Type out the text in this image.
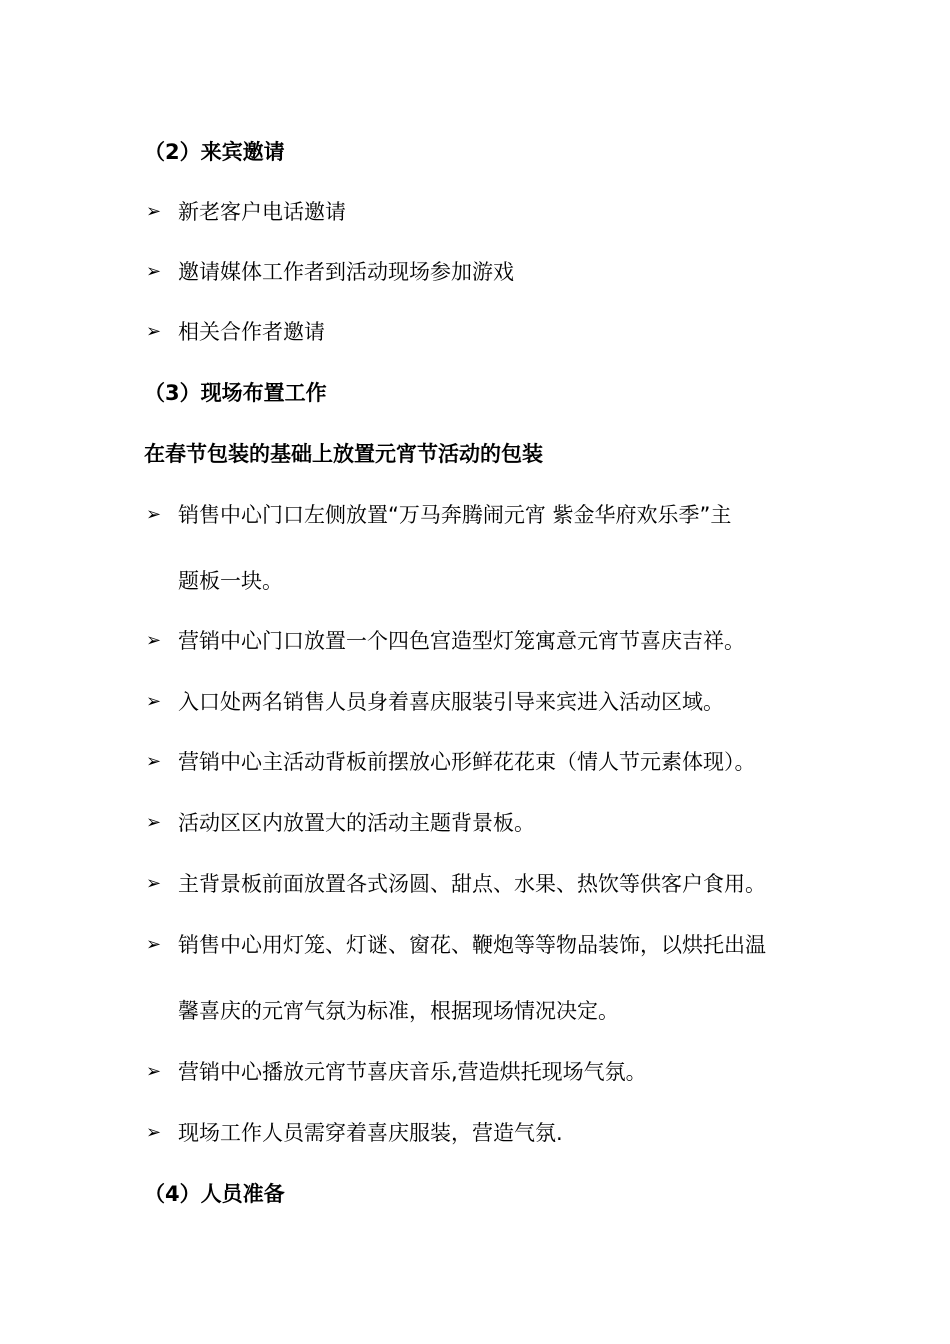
（2）来宾邀请
➢ 新老客户电话邀请
➢ 邀请媒体工作者到活动现场参加游戏
➢ 相关合作者邀请
（3）现场布置工作
在春节包装的基础上放置元宵节活动的包装
➢ 销售中心门口左侧放置“万马奔腾闹元宵 紫金华府欢乐季”主
题板一块。
➢ 营销中心门口放置一个四色宫造型灯笼寓意元宵节喜庆吉祥。
➢ 入口处两名销售人员身着喜庆服装引导来宾进入活动区域。
➢ 营销中心主活动背板前摆放心形鲜花花束（情人节元素体现）。
➢ 活动区区内放置大的活动主题背景板。
➢ 主背景板前面放置各式汤圆、甜点、水果、热饮等供客户食用。
➢ 销售中心用灯笼、灯谜、窗花、鞭炮等等物品装饰，以烘托出温
馨喜庆的元宵气氛为标准，根据现场情况决定。
➢ 营销中心播放元宵节喜庆音乐,营造烘托现场气氛。
➢ 现场工作人员需穿着喜庆服装，营造气氛.
（4）人员准备
